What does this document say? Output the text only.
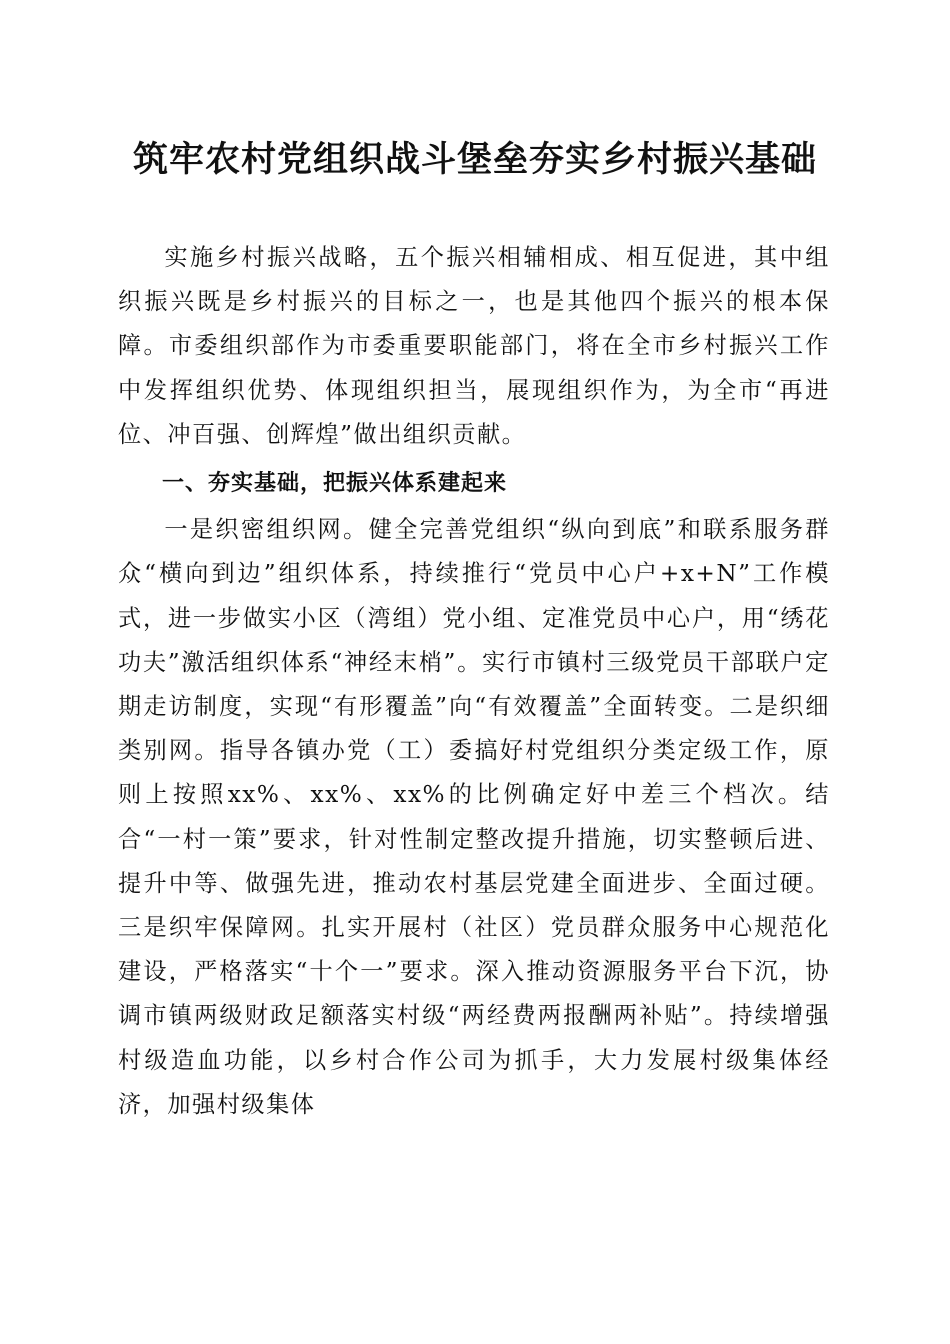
筑牢农村党组织战斗堡垒夯实乡村振兴基础

实施乡村振兴战略，五个振兴相辅相成、相互促进，其中组织振兴既是乡村振兴的目标之一，也是其他四个振兴的根本保障。市委组织部作为市委重要职能部门，将在全市乡村振兴工作中发挥组织优势、体现组织担当，展现组织作为，为全市“再进位、冲百强、创辉煌”做出组织贡献。

一、夯实基础，把振兴体系建起来

一是织密组织网。健全完善党组织“纵向到底”和联系服务群众“横向到边”组织体系，持续推行“党员中心户+x+N”工作模式，进一步做实小区（湾组）党小组、定准党员中心户，用“绣花功夫”激活组织体系“神经末梢”。实行市镇村三级党员干部联户定期走访制度，实现“有形覆盖”向“有效覆盖”全面转变。二是织细类别网。指导各镇办党（工）委搞好村党组织分类定级工作，原则上按照xx%、xx%、xx%的比例确定好中差三个档次。结合“一村一策”要求，针对性制定整改提升措施，切实整顿后进、提升中等、做强先进，推动农村基层党建全面进步、全面过硬。三是织牢保障网。扎实开展村（社区）党员群众服务中心规范化建设，严格落实“十个一”要求。深入推动资源服务平台下沉，协调市镇两级财政足额落实村级“两经费两报酬两补贴”。持续增强村级造血功能，以乡村合作公司为抓手，大力发展村级集体经济，加强村级集体
